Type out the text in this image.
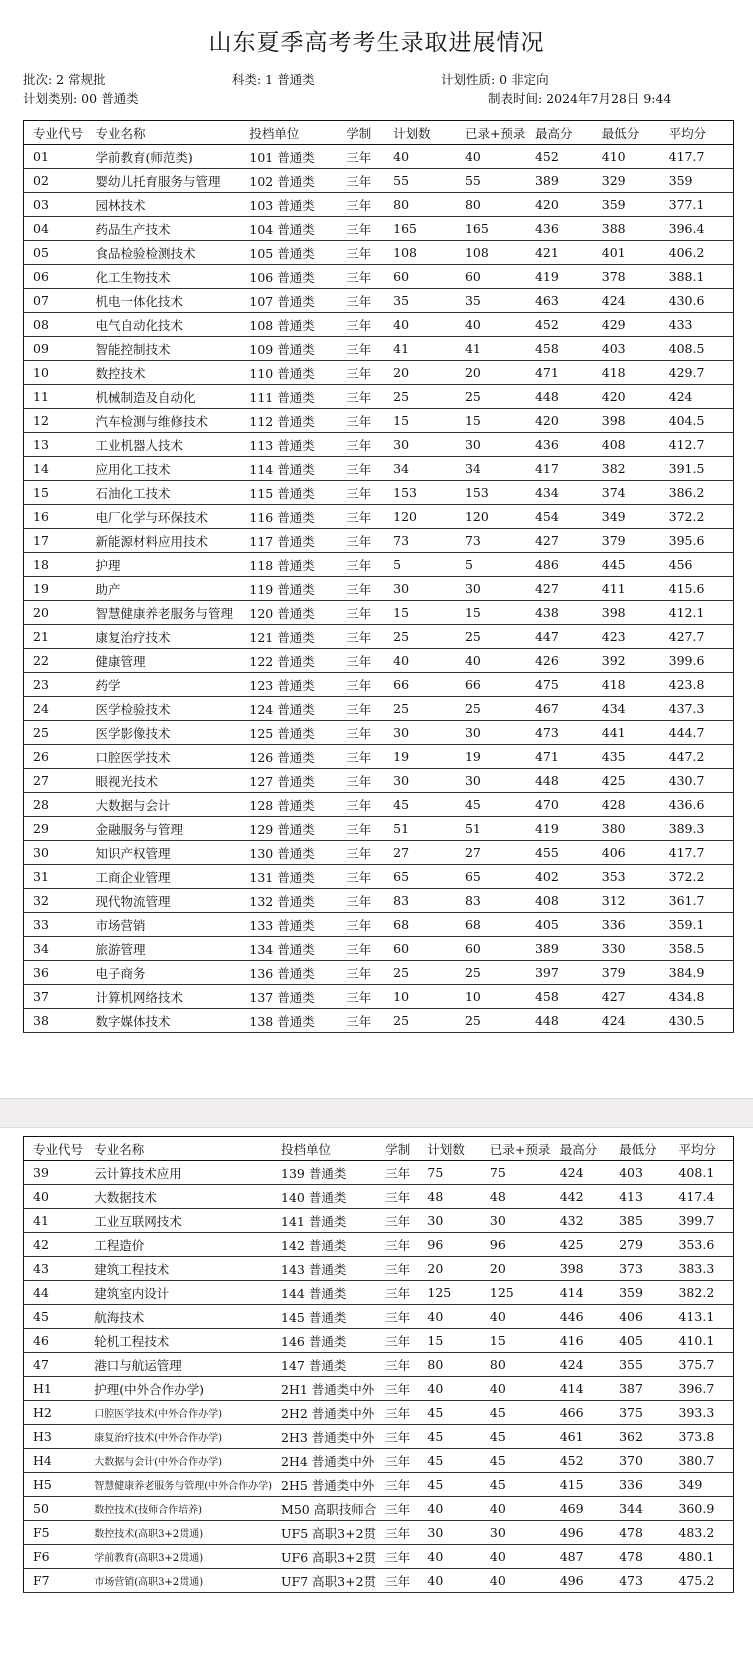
山东夏季高考考生录取进展情况
批次: 2 常规批	科类: 1 普通类	计划性质: 0 非定向
计划类别: 00 普通类	制表时间: 2024年7月28日 9:44
专业代号	专业名称	投档单位	学制	计划数	已录+预录	最高分	最低分	平均分
01	学前教育(师范类)	101 普通类	三年	40	40	452	410	417.7
02	婴幼儿托育服务与管理	102 普通类	三年	55	55	389	329	359
03	园林技术	103 普通类	三年	80	80	420	359	377.1
04	药品生产技术	104 普通类	三年	165	165	436	388	396.4
05	食品检验检测技术	105 普通类	三年	108	108	421	401	406.2
06	化工生物技术	106 普通类	三年	60	60	419	378	388.1
07	机电一体化技术	107 普通类	三年	35	35	463	424	430.6
08	电气自动化技术	108 普通类	三年	40	40	452	429	433
09	智能控制技术	109 普通类	三年	41	41	458	403	408.5
10	数控技术	110 普通类	三年	20	20	471	418	429.7
11	机械制造及自动化	111 普通类	三年	25	25	448	420	424
12	汽车检测与维修技术	112 普通类	三年	15	15	420	398	404.5
13	工业机器人技术	113 普通类	三年	30	30	436	408	412.7
14	应用化工技术	114 普通类	三年	34	34	417	382	391.5
15	石油化工技术	115 普通类	三年	153	153	434	374	386.2
16	电厂化学与环保技术	116 普通类	三年	120	120	454	349	372.2
17	新能源材料应用技术	117 普通类	三年	73	73	427	379	395.6
18	护理	118 普通类	三年	5	5	486	445	456
19	助产	119 普通类	三年	30	30	427	411	415.6
20	智慧健康养老服务与管理	120 普通类	三年	15	15	438	398	412.1
21	康复治疗技术	121 普通类	三年	25	25	447	423	427.7
22	健康管理	122 普通类	三年	40	40	426	392	399.6
23	药学	123 普通类	三年	66	66	475	418	423.8
24	医学检验技术	124 普通类	三年	25	25	467	434	437.3
25	医学影像技术	125 普通类	三年	30	30	473	441	444.7
26	口腔医学技术	126 普通类	三年	19	19	471	435	447.2
27	眼视光技术	127 普通类	三年	30	30	448	425	430.7
28	大数据与会计	128 普通类	三年	45	45	470	428	436.6
29	金融服务与管理	129 普通类	三年	51	51	419	380	389.3
30	知识产权管理	130 普通类	三年	27	27	455	406	417.7
31	工商企业管理	131 普通类	三年	65	65	402	353	372.2
32	现代物流管理	132 普通类	三年	83	83	408	312	361.7
33	市场营销	133 普通类	三年	68	68	405	336	359.1
34	旅游管理	134 普通类	三年	60	60	389	330	358.5
36	电子商务	136 普通类	三年	25	25	397	379	384.9
37	计算机网络技术	137 普通类	三年	10	10	458	427	434.8
38	数字媒体技术	138 普通类	三年	25	25	448	424	430.5
专业代号	专业名称	投档单位	学制	计划数	已录+预录	最高分	最低分	平均分
39	云计算技术应用	139 普通类	三年	75	75	424	403	408.1
40	大数据技术	140 普通类	三年	48	48	442	413	417.4
41	工业互联网技术	141 普通类	三年	30	30	432	385	399.7
42	工程造价	142 普通类	三年	96	96	425	279	353.6
43	建筑工程技术	143 普通类	三年	20	20	398	373	383.3
44	建筑室内设计	144 普通类	三年	125	125	414	359	382.2
45	航海技术	145 普通类	三年	40	40	446	406	413.1
46	轮机工程技术	146 普通类	三年	15	15	416	405	410.1
47	港口与航运管理	147 普通类	三年	80	80	424	355	375.7
H1	护理(中外合作办学)	2H1 普通类中外	三年	40	40	414	387	396.7
H2	口腔医学技术(中外合作办学)	2H2 普通类中外	三年	45	45	466	375	393.3
H3	康复治疗技术(中外合作办学)	2H3 普通类中外	三年	45	45	461	362	373.8
H4	大数据与会计(中外合作办学)	2H4 普通类中外	三年	45	45	452	370	380.7
H5	智慧健康养老服务与管理(中外合作办学)	2H5 普通类中外	三年	45	45	415	336	349
50	数控技术(技师合作培养)	M50 高职技师合	三年	40	40	469	344	360.9
F5	数控技术(高职3+2贯通)	UF5 高职3+2贯	三年	30	30	496	478	483.2
F6	学前教育(高职3+2贯通)	UF6 高职3+2贯	三年	40	40	487	478	480.1
F7	市场营销(高职3+2贯通)	UF7 高职3+2贯	三年	40	40	496	473	475.2
